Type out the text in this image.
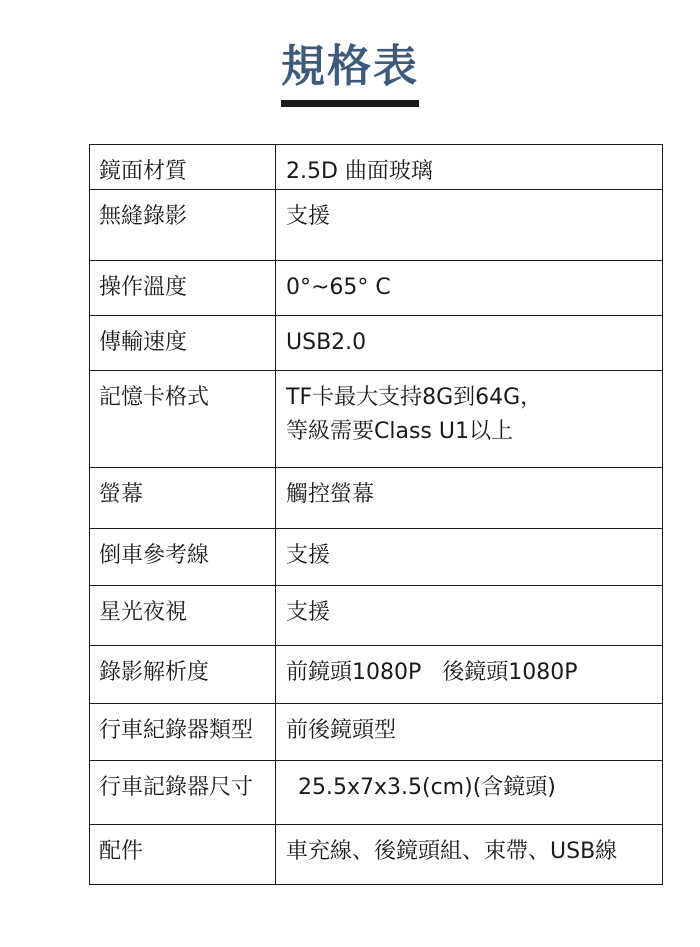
規格表
鏡面材質	2.5D 曲面玻璃
無縫錄影	支援
操作溫度	0°~65° C
傳輸速度	USB2.0
記憶卡格式	TF卡最大支持8G到64G，
等級需要Class U1以上

螢幕	觸控螢幕
倒車參考線	支援
星光夜視	支援
錄影解析度	前鏡頭1080P   後鏡頭1080P
行車紀錄器類型	前後鏡頭型
行車記錄器尺寸	25.5x7x3.5(cm)(含鏡頭)
配件	車充線、後鏡頭組、束帶、USB線
